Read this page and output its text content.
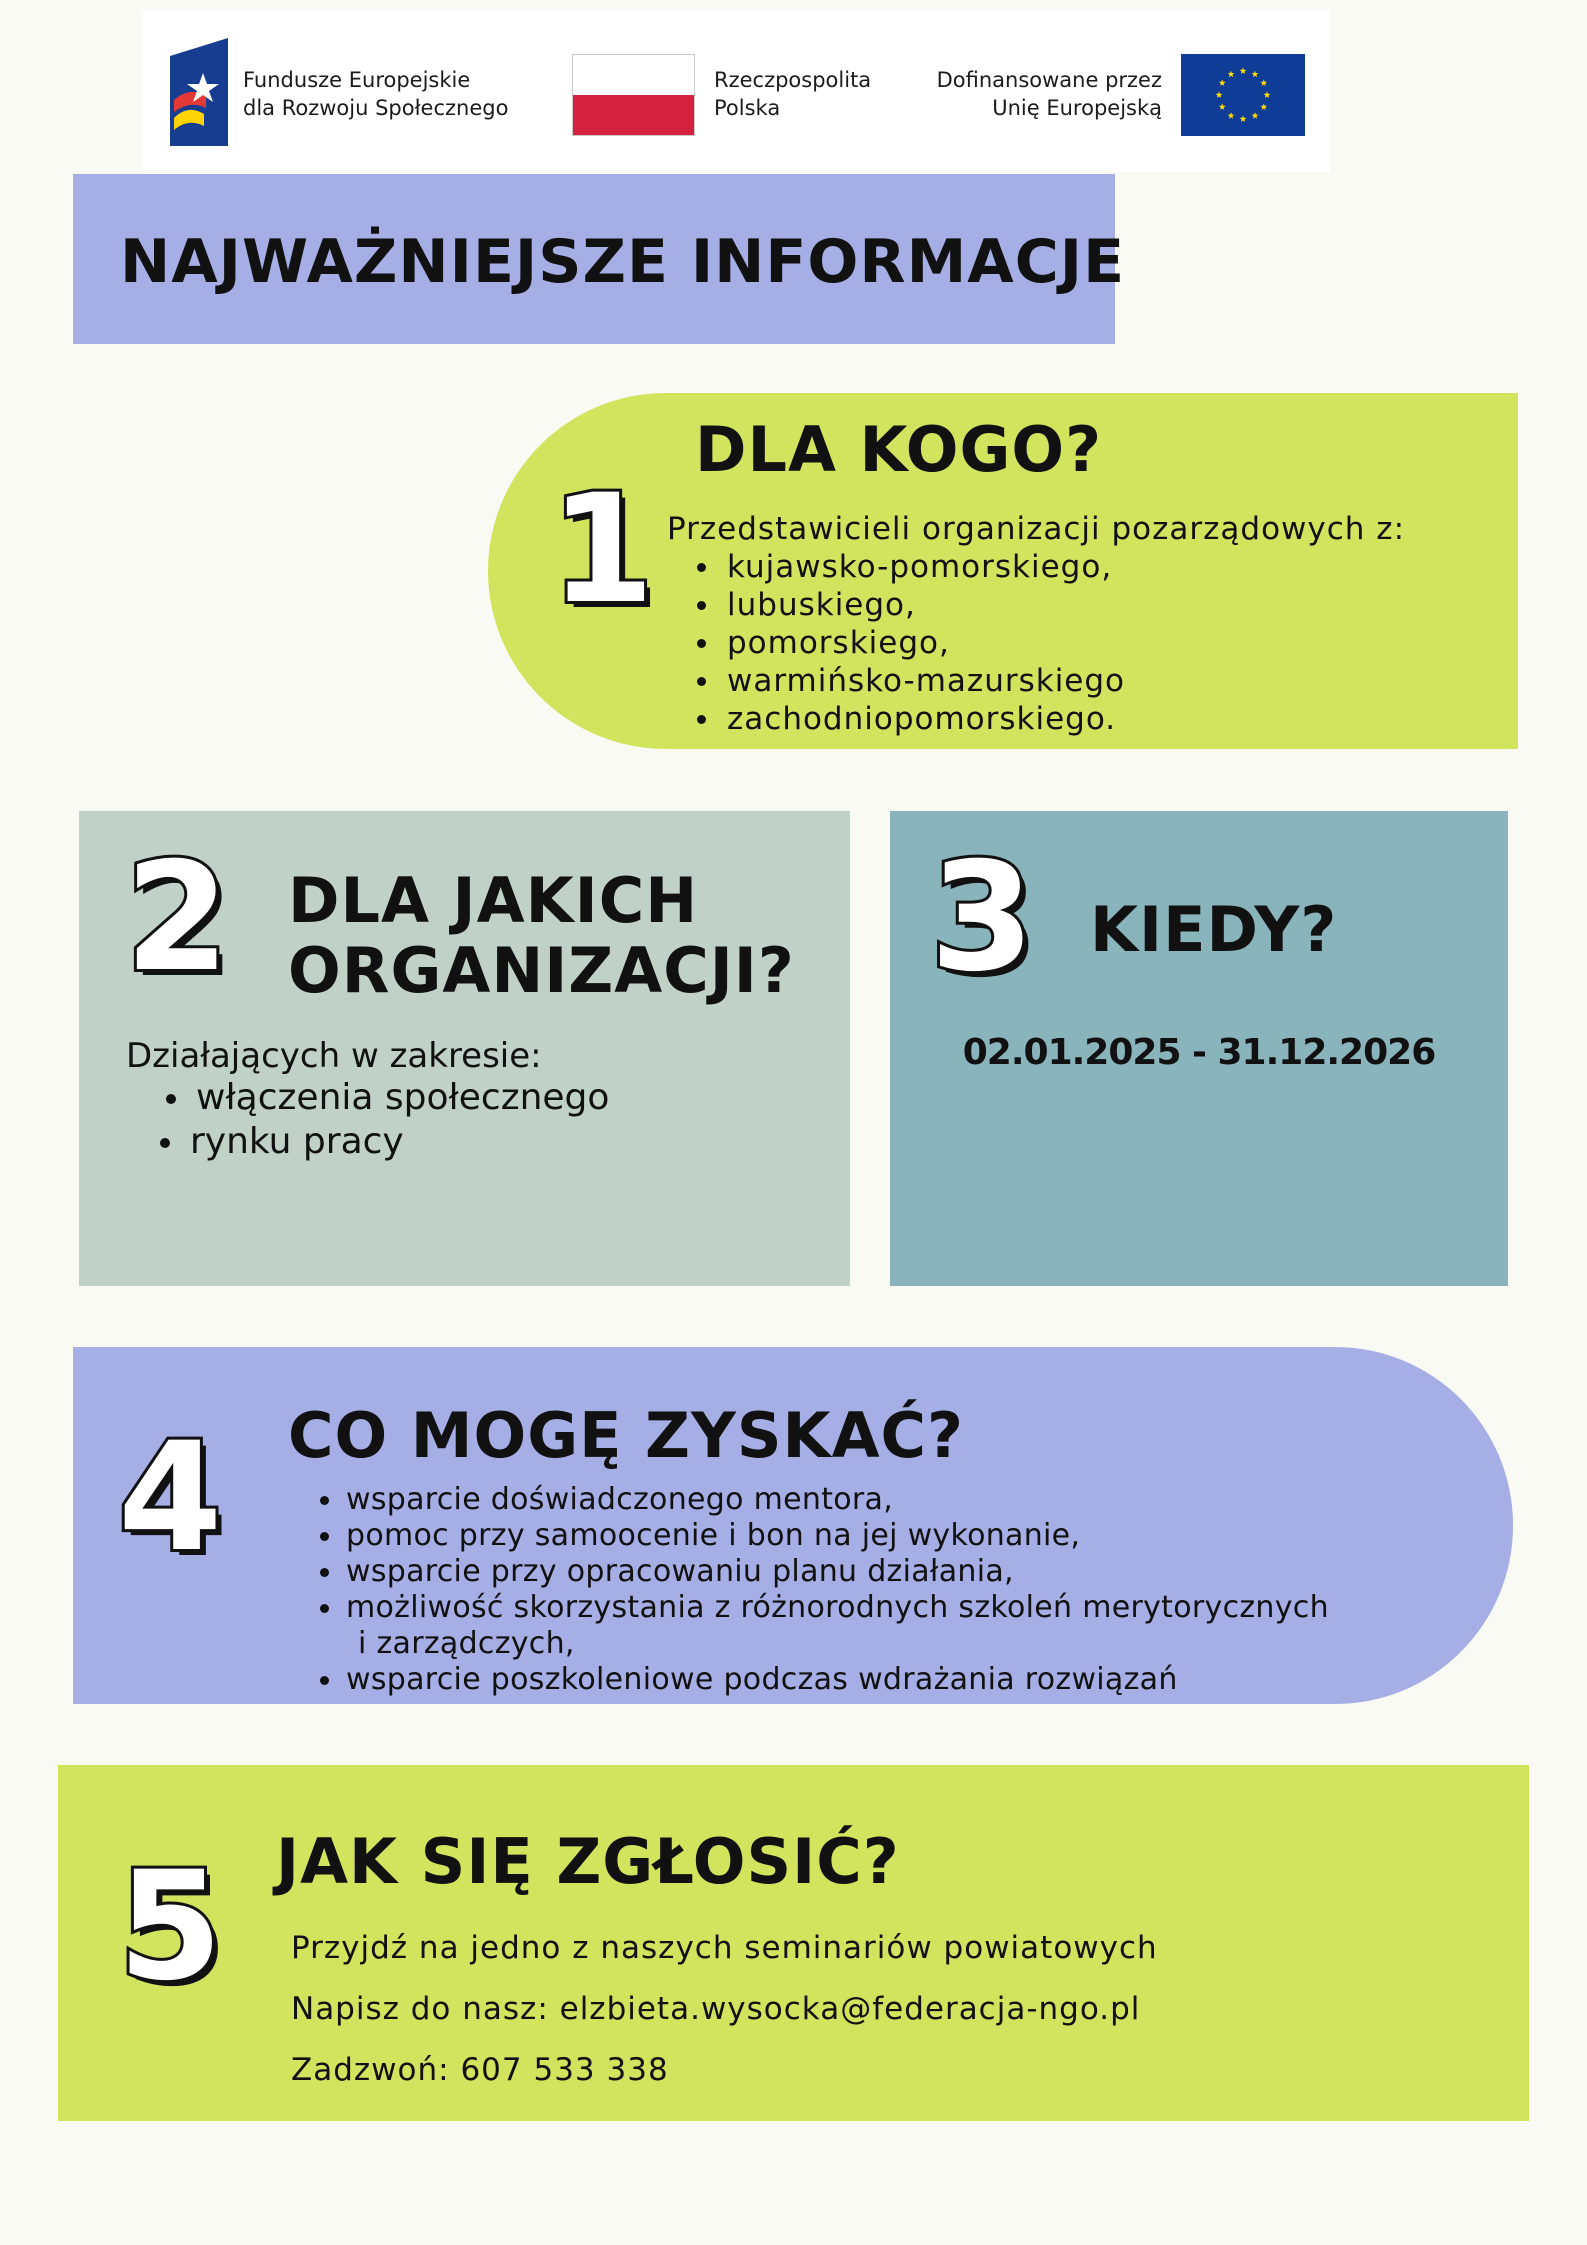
Fundusze Europejskie
dla Rozwoju Społecznego
Rzeczpospolita
Polska
Dofinansowane przez
Unię Europejską
NAJWAŻNIEJSZE INFORMACJE
1
DLA KOGO?
Przedstawicieli organizacji pozarządowych z:
kujawsko-pomorskiego,
lubuskiego,
pomorskiego,
warmińsko-mazurskiego
zachodniopomorskiego.
2 DLA JAKICH
ORGANIZACJI?
Działających w zakresie:
włączenia społecznego
rynku pracy
3 KIEDY?
02.01.2025 - 31.12.2026
4 CO MOGĘ ZYSKAĆ?
wsparcie doświadczonego mentora,
pomoc przy samoocenie i bon na jej wykonanie,
wsparcie przy opracowaniu planu działania,
możliwość skorzystania z różnorodnych szkoleń merytorycznych
i zarządczych,
wsparcie poszkoleniowe podczas wdrażania rozwiązań
5 JAK SIĘ ZGŁOSIĆ?
Przyjdź na jedno z naszych seminariów powiatowych
Napisz do nasz: elzbieta.wysocka@federacja-ngo.pl
Zadzwoń: 607 533 338
